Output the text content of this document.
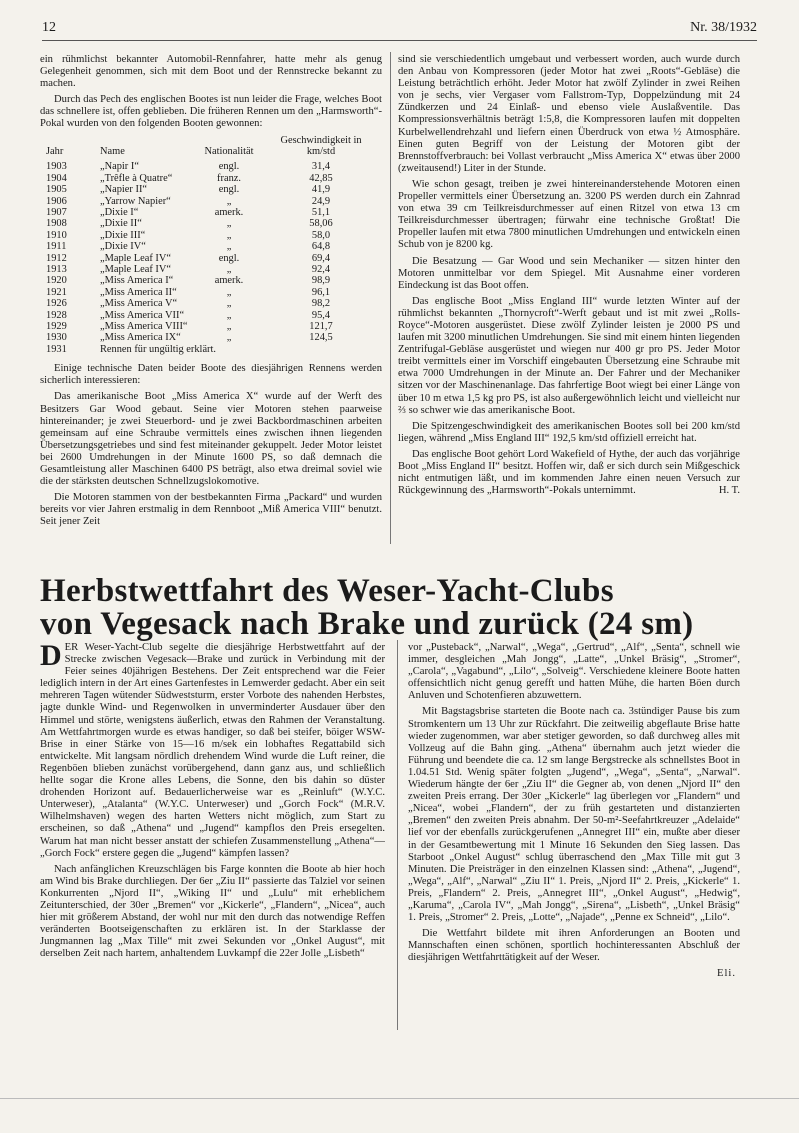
12	Nr. 38/1932

ein rühmlichst bekannter Automobil-Rennfahrer, hatte mehr als genug Gelegenheit genommen, sich mit dem Boot und der Rennstrecke bekannt zu machen.

Durch das Pech des englischen Bootes ist nun leider die Frage, welches Boot das schnellere ist, offen geblieben. Die früheren Rennen um den „Harmsworth“-Pokal wurden von den folgenden Booten gewonnen:

Jahr	Name	Nationalität	Geschwindigkeit in km/std
1903	„Napir I“	engl.	31,4
1904	„Trêfle à Quatre“	franz.	42,85
1905	„Napier II“	engl.	41,9
1906	„Yarrow Napier“	„	24,9
1907	„Dixie I“	amerk.	51,1
1908	„Dixie II“	„	58,06
1910	„Dixie III“	„	58,0
1911	„Dixie IV“	„	64,8
1912	„Maple Leaf IV“	engl.	69,4
1913	„Maple Leaf IV“	„	92,4
1920	„Miss America I“	amerk.	98,9
1921	„Miss America II“	„	96,1
1926	„Miss America V“	„	98,2
1928	„Miss America VII“	„	95,4
1929	„Miss America VIII“	„	121,7
1930	„Miss America IX“	„	124,5
1931	Rennen für ungültig erklärt.		

Einige technische Daten beider Boote des diesjährigen Rennens werden sicherlich interessieren:

Das amerikanische Boot „Miss America X“ wurde auf der Werft des Besitzers Gar Wood gebaut. Seine vier Motoren stehen paarweise hintereinander; je zwei Steuerbord- und je zwei Backbordmaschinen arbeiten gemeinsam auf eine Schraube vermittels eines zwischen ihnen liegenden Übersetzungsgetriebes und sind fest miteinander gekuppelt. Jeder Motor leistet bei 2600 Umdrehungen in der Minute 1600 PS, so daß demnach die Gesamtleistung aller Maschinen 6400 PS beträgt, also etwa dreimal soviel wie die der stärksten deutschen Schnellzugslokomotive.

Die Motoren stammen von der bestbekannten Firma „Packard“ und wurden bereits vor vier Jahren erstmalig in dem Rennboot „Miß America VIII“ benutzt. Seit jener Zeit

sind sie verschiedentlich umgebaut und verbessert worden, auch wurde durch den Anbau von Kompressoren (jeder Motor hat zwei „Roots“-Gebläse) die Leistung beträchtlich erhöht. Jeder Motor hat zwölf Zylinder in zwei Reihen von je sechs, vier Vergaser vom Fallstrom-Typ, Doppelzündung mit 24 Zündkerzen und 24 Einlaß- und ebenso viele Auslaßventile. Das Kompressionsverhältnis beträgt 1:5,8, die Kompressoren laufen mit doppelten Kurbelwellendrehzahl und liefern einen Überdruck von etwa ½ Atmosphäre. Einen guten Begriff von der Leistung der Motoren gibt der Brennstoffverbrauch: bei Vollast verbraucht „Miss America X“ etwas über 2000 (zweitausend!) Liter in der Stunde.

Wie schon gesagt, treiben je zwei hintereinanderstehende Motoren einen Propeller vermittels einer Übersetzung an. 3200 PS werden durch ein Zahnrad von etwa 39 cm Teilkreisdurchmesser auf einen Ritzel von etwa 13 cm Teilkreisdurchmesser übertragen; fürwahr eine technische Großtat! Die Propeller laufen mit etwa 7800 minutlichen Umdrehungen und entwickeln einen Schub von je 8200 kg.

Die Besatzung — Gar Wood und sein Mechaniker — sitzen hinter den Motoren unmittelbar vor dem Spiegel. Mit Ausnahme einer vorderen Eindeckung ist das Boot offen.

Das englische Boot „Miss England III“ wurde letzten Winter auf der rühmlichst bekannten „Thornycroft“-Werft gebaut und ist mit zwei „Rolls-Royce“-Motoren ausgerüstet. Diese zwölf Zylinder leisten je 2000 PS und laufen mit 3200 minutlichen Umdrehungen. Sie sind mit einem hinten liegenden Zentrifugal-Gebläse ausgerüstet und wiegen nur 400 gr pro PS. Jeder Motor treibt vermittels einer im Vorschiff eingebauten Übersetzung eine Schraube mit etwa 7000 Umdrehungen in der Minute an. Der Fahrer und der Mechaniker sitzen vor der Maschinenanlage. Das fahrfertige Boot wiegt bei einer Länge von über 10 m etwa 1,5 kg pro PS, ist also außergewöhnlich leicht und vielleicht nur ⅔ so schwer wie das amerikanische Boot.

Die Spitzengeschwindigkeit des amerikanischen Bootes soll bei 200 km/std liegen, während „Miss England III“ 192,5 km/std offiziell erreicht hat.

Das englische Boot gehört Lord Wakefield of Hythe, der auch das vorjährige Boot „Miss England II“ besitzt. Hoffen wir, daß er sich durch sein Mißgeschick nicht entmutigen läßt, und im kommenden Jahre einen neuen Versuch zur Rückgewinnung des „Harmsworth“-Pokals unternimmt.	H. T.

Herbstwettfahrt des Weser-Yacht-Clubs
von Vegesack nach Brake und zurück (24 sm)

DER Weser-Yacht-Club segelte die diesjährige Herbstwettfahrt auf der Strecke zwischen Vegesack—Brake und zurück in Verbindung mit der Feier seines 40jährigen Bestehens. Der Zeit entsprechend war die Feier lediglich intern in der Art eines Gartenfestes in Lemwerder gedacht. Aber ein seit mehreren Tagen wütender Südweststurm, erster Vorbote des nahenden Herbstes, jagte dunkle Wind- und Regenwolken in unverminderter Ausdauer über den Himmel und störte, wenigstens äußerlich, etwas den Rahmen der Veranstaltung. Am Wettfahrtmorgen wurde es etwas handiger, so daß bei steifer, böiger WSW-Brise in einer Stärke von 15—16 m/sek ein lobhaftes Regattabild sich entwickelte. Mit langsam nördlich drehendem Wind wurde die Luft reiner, die Regenböen blieben zunächst vorübergehend, dann ganz aus, und schließlich hellte sogar die Krone alles Lebens, die Sonne, den bis dahin so düster drohenden Horizont auf. Bedauerlicherweise war es „Reinluft“ (W.Y.C. Unterweser), „Atalanta“ (W.Y.C. Unterweser) und „Gorch Fock“ (M.R.V. Wilhelmshaven) wegen des harten Wetters nicht möglich, zum Start zu erscheinen, so daß „Athena“ und „Jugend“ kampflos den Preis ersegelten. Warum hat man nicht besser anstatt der schiefen Zusammenstellung „Athena“—„Gorch Fock“ erstere gegen die „Jugend“ kämpfen lassen?

Nach anfänglichen Kreuzschlägen bis Farge konnten die Boote ab hier hoch am Wind bis Brake durchliegen. Der 6er „Ziu II“ passierte das Talziel vor seinen Konkurrenten „Njord II“, „Wiking II“ und „Lulu“ mit erheblichem Zeitunterschied, der 30er „Bremen“ vor „Kickerle“, „Flandern“, „Nicea“, auch hier mit größerem Abstand, der wohl nur mit den durch das notwendige Reffen veränderten Bootseigenschaften zu erklären ist. In der Starklasse der Jungmannen lag „Max Tille“ mit zwei Sekunden vor „Onkel August“, mit derselben Zeit nach hartem, anhaltendem Luvkampf die 22er Jolle „Lisbeth“

vor „Pusteback“, „Narwal“, „Wega“, „Gertrud“, „Alf“, „Senta“, schnell wie immer, desgleichen „Mah Jongg“, „Latte“, „Unkel Bräsig“, „Stromer“, „Carola“, „Vagabund“, „Lilo“, „Solveig“. Verschiedene kleinere Boote hatten offensichtlich nicht genug gerefft und hatten Mühe, die harten Böen durch Anluven und Schotenfieren abzuwettern.

Mit Bagstagsbrise starteten die Boote nach ca. 3stündiger Pause bis zum Stromkentern um 13 Uhr zur Rückfahrt. Die zeitweilig abgeflaute Brise hatte wieder zugenommen, war aber stetiger geworden, so daß durchweg alles mit Vollzeug auf die Bahn ging. „Athena“ übernahm auch jetzt wieder die Führung und beendete die ca. 12 sm lange Bergstrecke als schnellstes Boot in 1.04.51 Std. Wenig später folgten „Jugend“, „Wega“, „Senta“, „Narwal“. Wiederum hängte der 6er „Ziu II“ die Gegner ab, von denen „Njord II“ den zweiten Preis errang. Der 30er „Kickerle“ lag überlegen vor „Flandern“ und „Nicea“, wobei „Flandern“, der zu früh gestarteten und distanzierten „Bremen“ den zweiten Preis abnahm. Der 50-m²-Seefahrtkreuzer „Adelaide“ lief vor der ebenfalls zurückgerufenen „Annegret III“ ein, mußte aber dieser in der Gesamtbewertung mit 1 Minute 16 Sekunden den Sieg lassen. Das Starboot „Onkel August“ schlug überraschend den „Max Tille mit gut 3 Minuten. Die Preisträger in den einzelnen Klassen sind: „Athena“, „Jugend“, „Wega“, „Alf“, „Narwal“ „Ziu II“ 1. Preis, „Njord II“ 2. Preis, „Kickerle“ 1. Preis, „Flandern“ 2. Preis, „Annegret III“, „Onkel August“, „Hedwig“, „Karuma“, „Carola IV“, „Mah Jongg“, „Sirena“, „Lisbeth“, „Unkel Bräsig“ 1. Preis, „Stromer“ 2. Preis, „Lotte“, „Najade“, „Penne ex Schneid“, „Lilo“.

Die Wettfahrt bildete mit ihren Anforderungen an Booten und Mannschaften einen schönen, sportlich hochinteressanten Abschluß der diesjährigen Wettfahrttätigkeit auf der Weser.

Eli.
